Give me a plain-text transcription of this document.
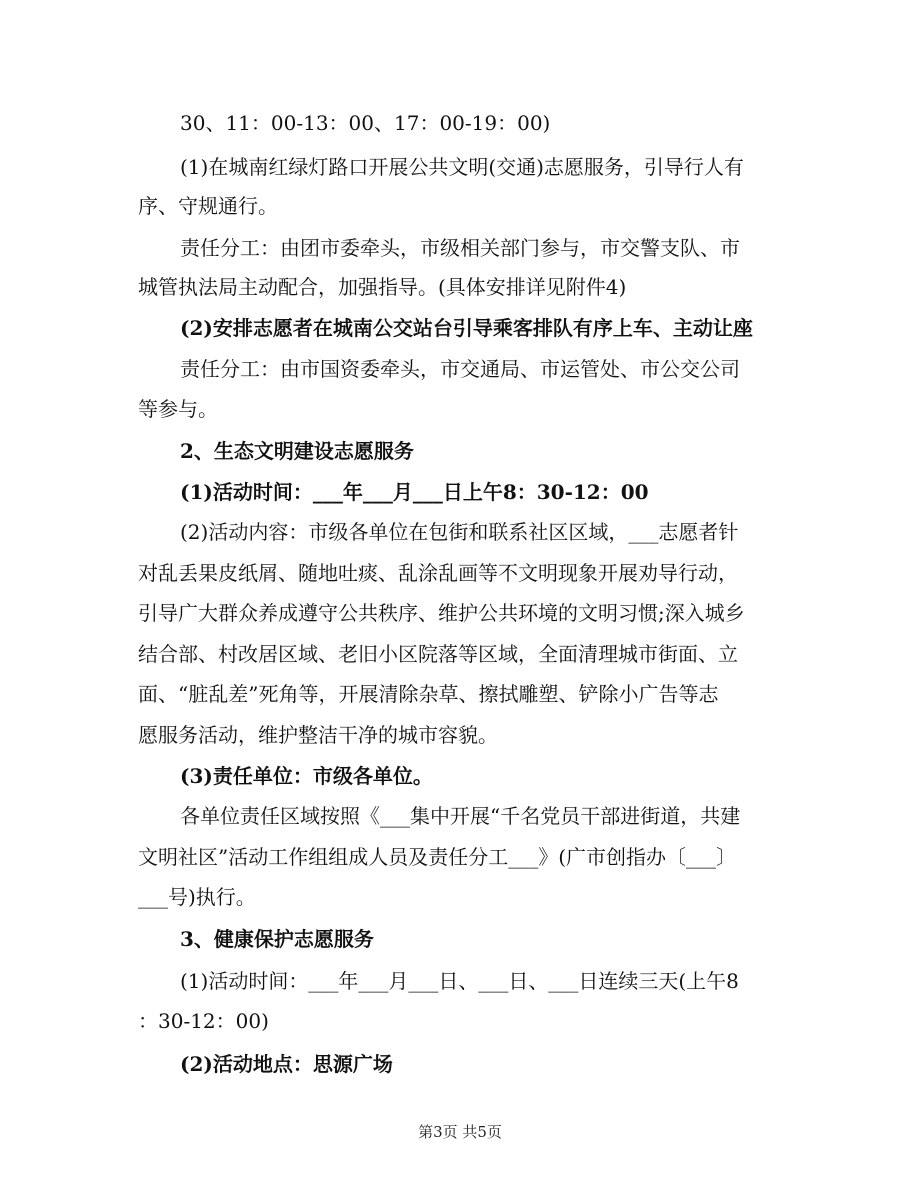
30、11：00-13：00、17：00-19：00)
(1)在城南红绿灯路口开展公共文明(交通)志愿服务，引导行人有
序、守规通行。
责任分工：由团市委牵头，市级相关部门参与，市交警支队、市
城管执法局主动配合，加强指导。(具体安排详见附件4)
(2)安排志愿者在城南公交站台引导乘客排队有序上车、主动让座
责任分工：由市国资委牵头，市交通局、市运管处、市公交公司
等参与。
2、生态文明建设志愿服务
(1)活动时间：___年___月___日上午8：30-12：00
(2)活动内容：市级各单位在包街和联系社区区域，___志愿者针
对乱丢果皮纸屑、随地吐痰、乱涂乱画等不文明现象开展劝导行动，
引导广大群众养成遵守公共秩序、维护公共环境的文明习惯;深入城乡
结合部、村改居区域、老旧小区院落等区域，全面清理城市街面、立
面、“脏乱差”死角等，开展清除杂草、擦拭雕塑、铲除小广告等志
愿服务活动，维护整洁干净的城市容貌。
(3)责任单位：市级各单位。
各单位责任区域按照《___集中开展“千名党员干部进街道，共建
文明社区”活动工作组组成人员及责任分工___》(广市创指办〔___〕
___号)执行。
3、健康保护志愿服务
(1)活动时间：___年___月___日、___日、___日连续三天(上午8
：30-12：00)
(2)活动地点：思源广场
第3页 共5页
